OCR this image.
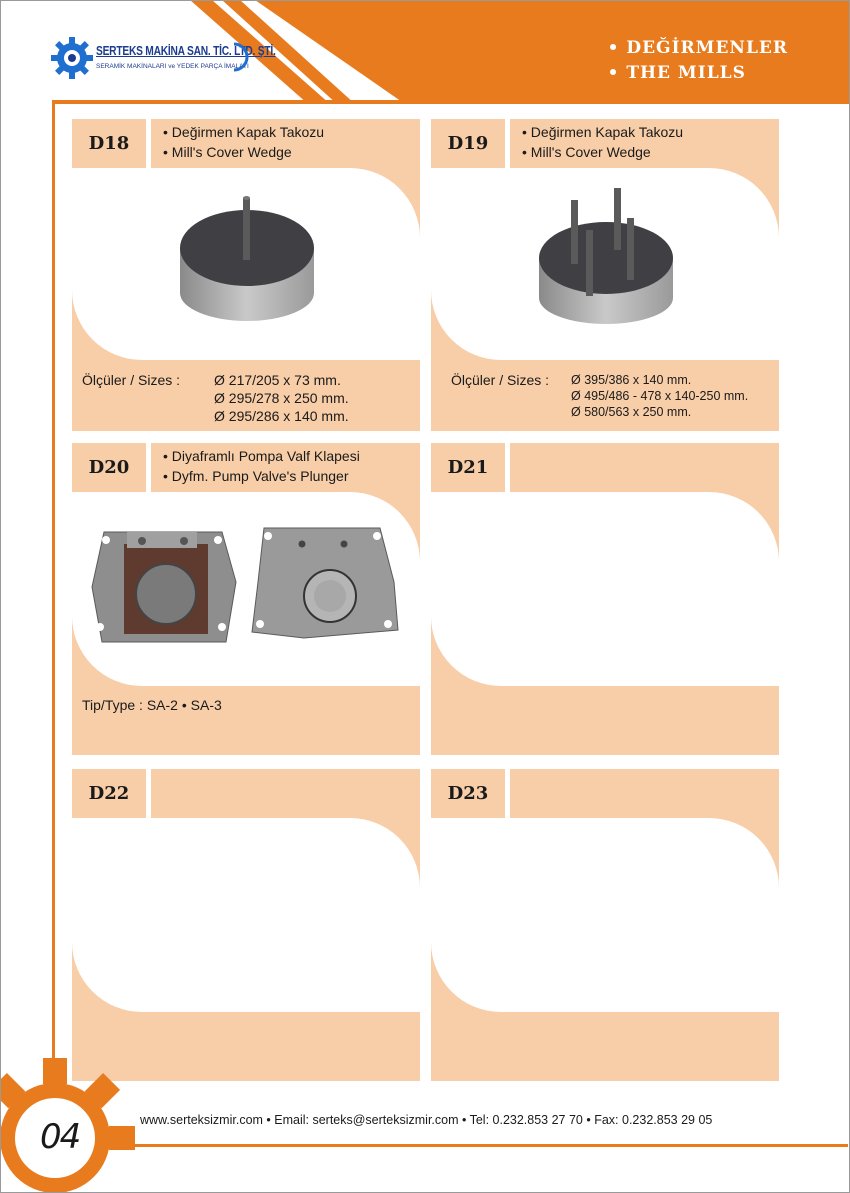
• DEĞİRMENLER
• THE MILLS
SERTEKS MAKİNA SAN. TİC. LTD. ŞTİ.
SERAMİK MAKİNALARI ve YEDEK PARÇA İMALATI
D18
• Değirmen Kapak Takozu
• Mill's Cover Wedge
Ölçüler / Sizes : Ø 217/205 x 73 mm.
Ø 295/278 x 250 mm.
Ø 295/286 x 140 mm.
D19
• Değirmen Kapak Takozu
• Mill's Cover Wedge
Ölçüler / Sizes : Ø 395/386 x 140 mm.
Ø 495/486 - 478 x 140-250 mm.
Ø 580/563 x 250 mm.
D20
• Diyaframlı Pompa Valf Klapesi
• Dyfm. Pump Valve's Plunger
Tip/Type : SA-2 • SA-3
D21
D22	D23
04	www.serteksizmir.com • Email: serteks@serteksizmir.com • Tel: 0.232.853 27 70 • Fax: 0.232.853 29 05
